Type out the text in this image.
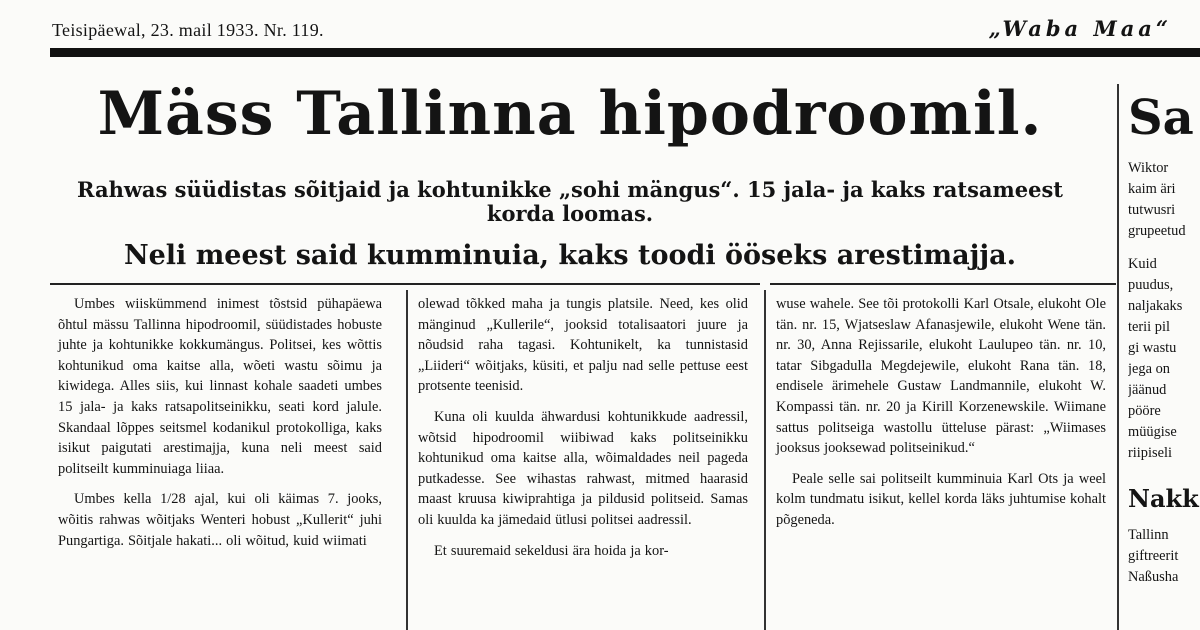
Teisipäewal, 23. mail 1933. Nr. 119.	„Waba Maa“
Mäss Tallinna hipodroomil.
Rahwas süüdistas sõitjaid ja kohtunikke „sohi mängus“. 15 jala- ja kaks ratsameest korda loomas.
Neli meest said kumminuia, kaks toodi ööseks arestimajja.

Umbes wiiskümmend inimest tõstsid pühapäewa õhtul mässu Tallinna hipodroomil, süüdistades hobuste juhte ja kohtunikke kokkumängus. Politsei, kes wõttis kohtunikud oma kaitse alla, wõeti wastu sõimu ja kiwidega. Alles siis, kui linnast kohale saadeti umbes 15 jala- ja kaks ratsapolitseinikku, seati kord jalule. Skandaal lõppes seitsmel kodanikul protokolliga, kaks isikut paigutati arestimajja, kuna neli meest said politseilt kumminuiaga liiaa.

Umbes kella 1/28 ajal, kui oli käimas 7. jooks, wõitis rahwas wõitjaks Wenteri hobust „Kullerit“ juhi Pungartiga. Sõitjale hakati... oli wõitud, kuid wiimati

olewad tõkked maha ja tungis platsile. Need, kes olid mänginud „Kullerile“, jooksid totalisaatori juure ja nõudsid raha tagasi. Kohtunikelt, ka tunnistasid „Liideri“ wõitjaks, küsiti, et palju nad selle pettuse eest protsente teenisid.

Kuna oli kuulda ähwardusi kohtunikkude aadressil, wõtsid hipodroomil wiibiwad kaks politseinikku kohtunikud oma kaitse alla, wõimaldades neil pageda putkadesse. See wihastas rahwast, mitmed haarasid maast kruusa kiwiprahtiga ja pildusid politseid. Samas oli kuulda ka jämedaid ütlusi politsei aadressil.

Et suuremaid sekeldusi ära hoida ja kor-

wuse wahele. See tõi protokolli Karl Otsale, elukoht Ole tän. nr. 15, Wjatseslaw Afanasjewile, elukoht Wene tän. nr. 30, Anna Rejissarile, elukoht Laulupeo tän. nr. 10, tatar Sibgadulla Megdejewile, elukoht Rana tän. 18, endisele ärimehele Gustaw Landmannile, elukoht W. Kompassi tän. nr. 20 ja Kirill Korzenewskile. Wiimane sattus politseiga wastollu ütteluse pärast: „Wiimases jooksus jooksewad politseinikud.“

Peale selle sai politseilt kumminuia Karl Ots ja weel kolm tundmatu isikut, kellel korda läks juhtumise kohalt põgeneda.

Sa
Wiktor
kaim äri
tutwusri
grupeetud
Kuid
puudus,
naljakaks
terii pil
gi wastu
jega on
jäänud
pööre
müügise
riipiseli
Nakk
Tallinn
giftreerit
Naßusha
